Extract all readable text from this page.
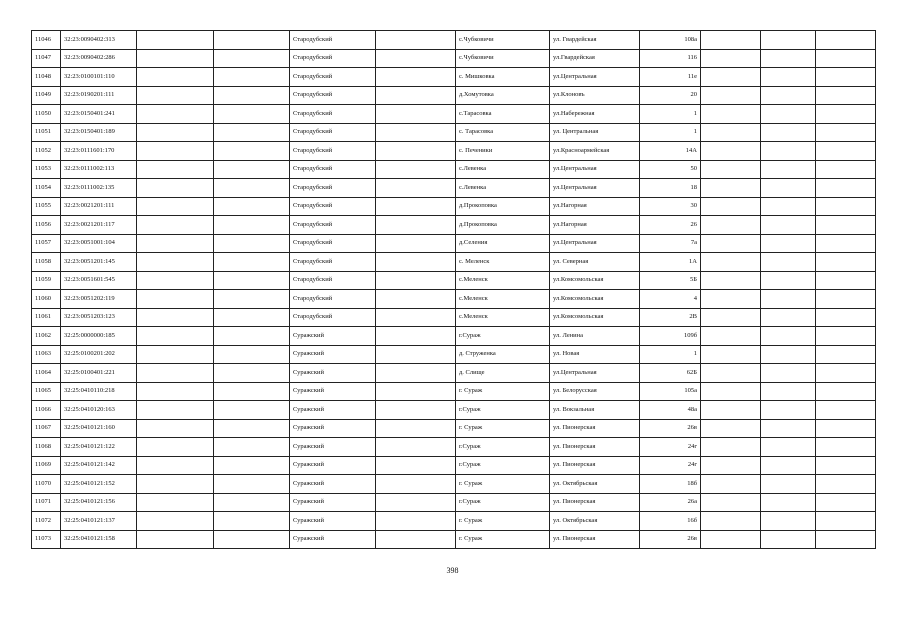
11046	32:23:0090402:313			Стародубский		с.Чубковичи	ул. Гвардейская	108а			
11047	32:23:0090402:286			Стародубский		с.Чубковичи	ул.Гвардейская	116			
11048	32:23:0100101:110			Стародубский		с. Мишковка	ул.Центральная	11е			
11049	32:23:0190201:111			Стародубский		д.Хомутовка	ул.Клоновъ	20			
11050	32:23:0150401:241			Стародубский		с.Тарасовка	ул.Набережная	1			
11051	32:23:0150401:189			Стародубский		с. Тарасовка	ул. Центральная	1			
11052	32:23:0111601:170			Стародубский		с. Печеники	ул.Красноармейская	14А			
11053	32:23:0111002:113			Стародубский		с.Левенка	ул.Центральная	50			
11054	32:23:0111002:135			Стародубский		с.Левенка	ул.Центральная	18			
11055	32:23:0021201:111			Стародубский		д.Прокоповка	ул.Нагорная	30			
11056	32:23:0021201:117			Стародубский		д.Прокоповка	ул.Нагорная	26			
11057	32:23:0051001:104			Стародубский		д.Селения	ул.Центральная	7а			
11058	32:23:0051201:145			Стародубский		с. Меленск	ул. Северная	1А			
11059	32:23:0051601:545			Стародубский		с.Меленск	ул.Комсомольская	5Б			
11060	32:23:0051202:119			Стародубский		с.Меленск	ул.Комсомольская	4			
11061	32:23:0051203:123			Стародубский		с.Меленск	ул.Комсомольская	2В			
11062	32:25:0000000:185			Суражский		г.Сураж	ул. Ленина	109б			
11063	32:25:0100201:202			Суражский		д. Струженка	ул. Новая	1			
11064	32:25:0100401:221			Суражский		д. Слище	ул.Центральная	62Б			
11065	32:25:0410110:218			Суражский		г. Сураж	ул. Белорусская	105а			
11066	32:25:0410120:163			Суражский		г.Сураж	ул. Вокзальная	48а			
11067	32:25:0410121:160			Суражский		г. Сураж	ул. Пионерская	26в			
11068	32:25:0410121:122			Суражский		г.Сураж	ул. Пионерская	24г			
11069	32:25:0410121:142			Суражский		г.Сураж	ул. Пионерская	24г			
11070	32:25:0410121:152			Суражский		г. Сураж	ул. Октябрьская	18б			
11071	32:25:0410121:156			Суражский		г.Сураж	ул. Пионерская	26а			
11072	32:25:0410121:137			Суражский		г. Сураж	ул. Октябрьская	16б			
11073	32:25:0410121:158			Суражский		г. Сураж	ул. Пионерская	26в			
398
